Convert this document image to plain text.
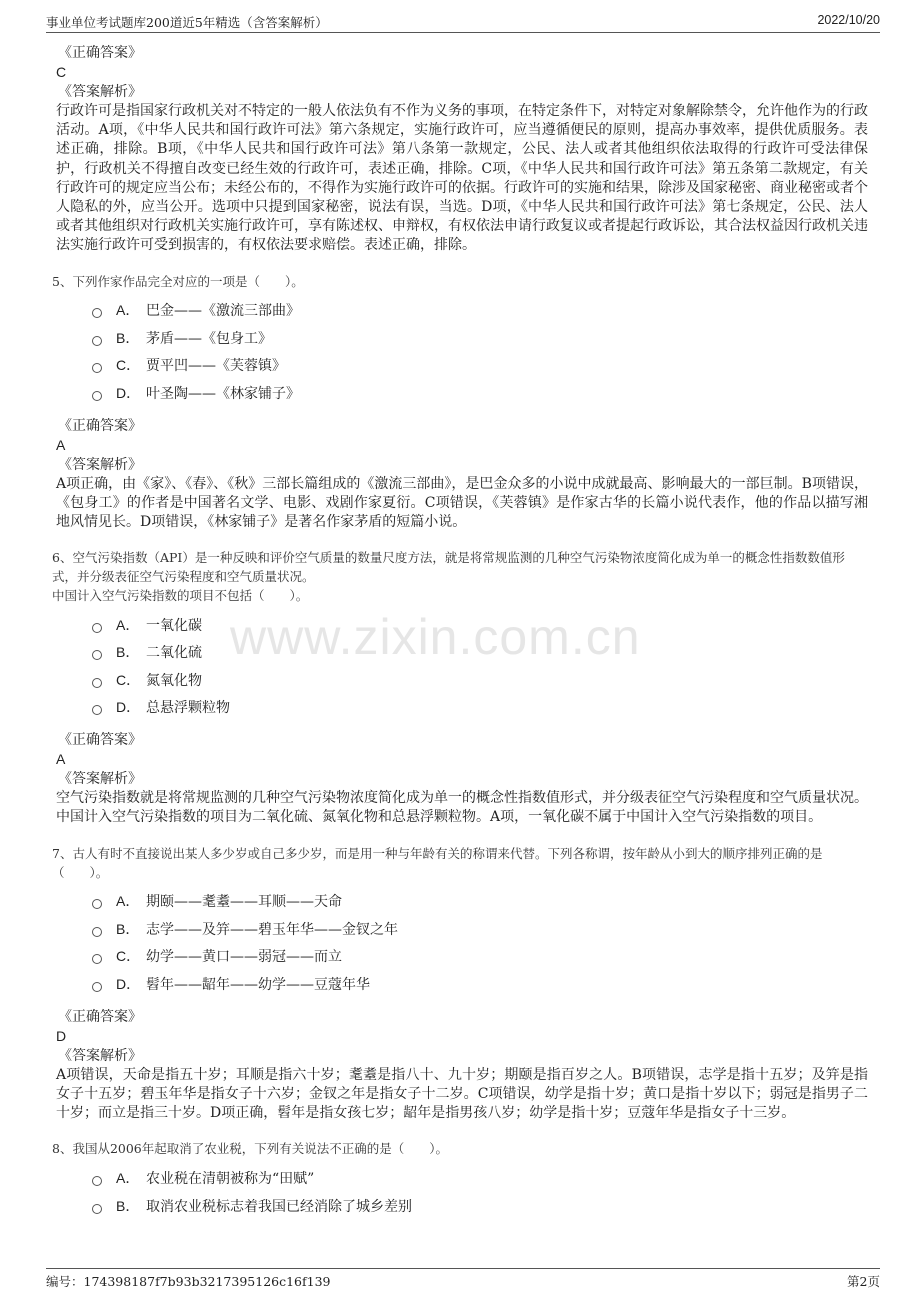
事业单位考试题库200道近5年精选（含答案解析）	2022/10/20
www.zixin.com.cn
《正确答案》
C
《答案解析》
行政许可是指国家行政机关对不特定的一般人依法负有不作为义务的事项，在特定条件下，对特定对象解除禁令，允许他作为的行政活动。A项，《中华人民共和国行政许可法》第六条规定，实施行政许可，应当遵循便民的原则，提高办事效率，提供优质服务。表述正确，排除。B项，《中华人民共和国行政许可法》第八条第一款规定，公民、法人或者其他组织依法取得的行政许可受法律保护，行政机关不得擅自改变已经生效的行政许可，表述正确，排除。C项，《中华人民共和国行政许可法》第五条第二款规定，有关行政许可的规定应当公布；未经公布的，不得作为实施行政许可的依据。行政许可的实施和结果，除涉及国家秘密、商业秘密或者个人隐私的外，应当公开。选项中只提到国家秘密，说法有误，当选。D项，《中华人民共和国行政许可法》第七条规定，公民、法人或者其他组织对行政机关实施行政许可，享有陈述权、申辩权，有权依法申请行政复议或者提起行政诉讼，其合法权益因行政机关违法实施行政许可受到损害的，有权依法要求赔偿。表述正确，排除。
5、下列作家作品完全对应的一项是（　　）。
A． 巴金——《激流三部曲》
B． 茅盾——《包身工》
C． 贾平凹——《芙蓉镇》
D． 叶圣陶——《林家铺子》
《正确答案》
A
《答案解析》
A项正确，由《家》、《春》、《秋》三部长篇组成的《激流三部曲》，是巴金众多的小说中成就最高、影响最大的一部巨制。B项错误，《包身工》的作者是中国著名文学、电影、戏剧作家夏衍。C项错误，《芙蓉镇》是作家古华的长篇小说代表作，他的作品以描写湘地风情见长。D项错误，《林家铺子》是著名作家茅盾的短篇小说。
6、空气污染指数（API）是一种反映和评价空气质量的数量尺度方法，就是将常规监测的几种空气污染物浓度简化成为单一的概念性指数数值形式，并分级表征空气污染程度和空气质量状况。
中国计入空气污染指数的项目不包括（　　）。
A． 一氧化碳
B． 二氧化硫
C． 氮氧化物
D． 总悬浮颗粒物
《正确答案》
A
《答案解析》
空气污染指数就是将常规监测的几种空气污染物浓度简化成为单一的概念性指数值形式，并分级表征空气污染程度和空气质量状况。中国计入空气污染指数的项目为二氧化硫、氮氧化物和总悬浮颗粒物。A项，一氧化碳不属于中国计入空气污染指数的项目。
7、古人有时不直接说出某人多少岁或自己多少岁，而是用一种与年龄有关的称谓来代替。下列各称谓，按年龄从小到大的顺序排列正确的是（　　）。
A． 期颐——耄耋——耳顺——天命
B． 志学——及笄——碧玉年华——金钗之年
C． 幼学——黄口——弱冠——而立
D． 髫年——龆年——幼学——豆蔻年华
《正确答案》
D
《答案解析》
A项错误，天命是指五十岁；耳顺是指六十岁；耄耋是指八十、九十岁；期颐是指百岁之人。B项错误，志学是指十五岁；及笄是指女子十五岁；碧玉年华是指女子十六岁；金钗之年是指女子十二岁。C项错误，幼学是指十岁；黄口是指十岁以下；弱冠是指男子二十岁；而立是指三十岁。D项正确，髫年是指女孩七岁；龆年是指男孩八岁；幼学是指十岁；豆蔻年华是指女子十三岁。
8、我国从2006年起取消了农业税，下列有关说法不正确的是（　　）。
A． 农业税在清朝被称为“田赋”
B． 取消农业税标志着我国已经消除了城乡差别
编号：174398187f7b93b3217395126c16f139	第2页
